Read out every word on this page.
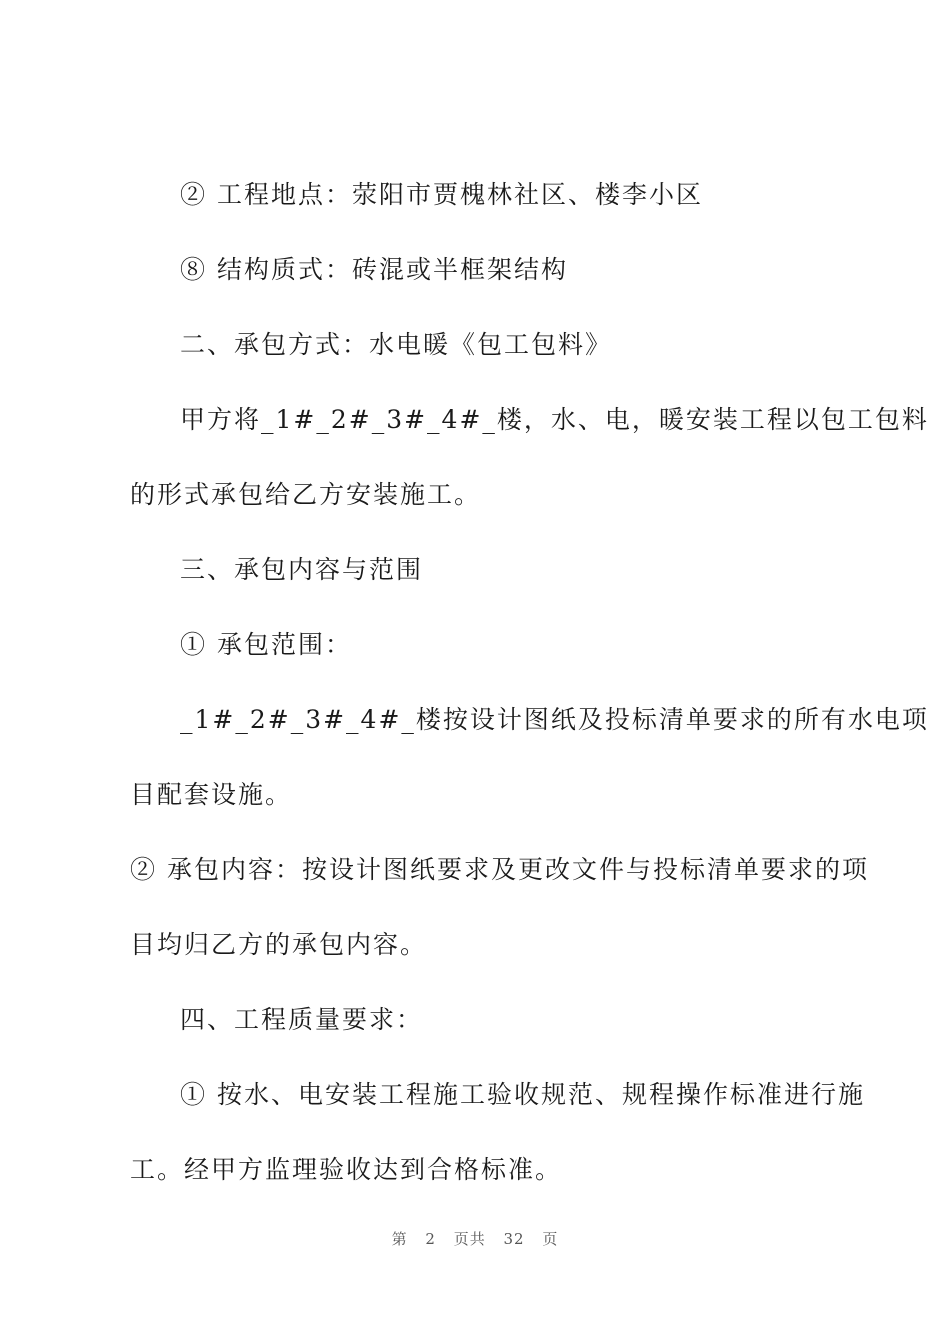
② 工程地点：荥阳市贾槐林社区、楼李小区
⑧ 结构质式：砖混或半框架结构
二、承包方式：水电暖《包工包料》
甲方将_1#_2#_3#_4#_楼，水、电，暖安装工程以包工包料
的形式承包给乙方安装施工。
三、承包内容与范围
① 承包范围：
_1#_2#_3#_4#_楼按设计图纸及投标清单要求的所有水电项
目配套设施。
② 承包内容：按设计图纸要求及更改文件与投标清单要求的项
目均归乙方的承包内容。
四、工程质量要求：
① 按水、电安装工程施工验收规范、规程操作标准进行施
工。经甲方监理验收达到合格标准。
第 2 页共 32 页
